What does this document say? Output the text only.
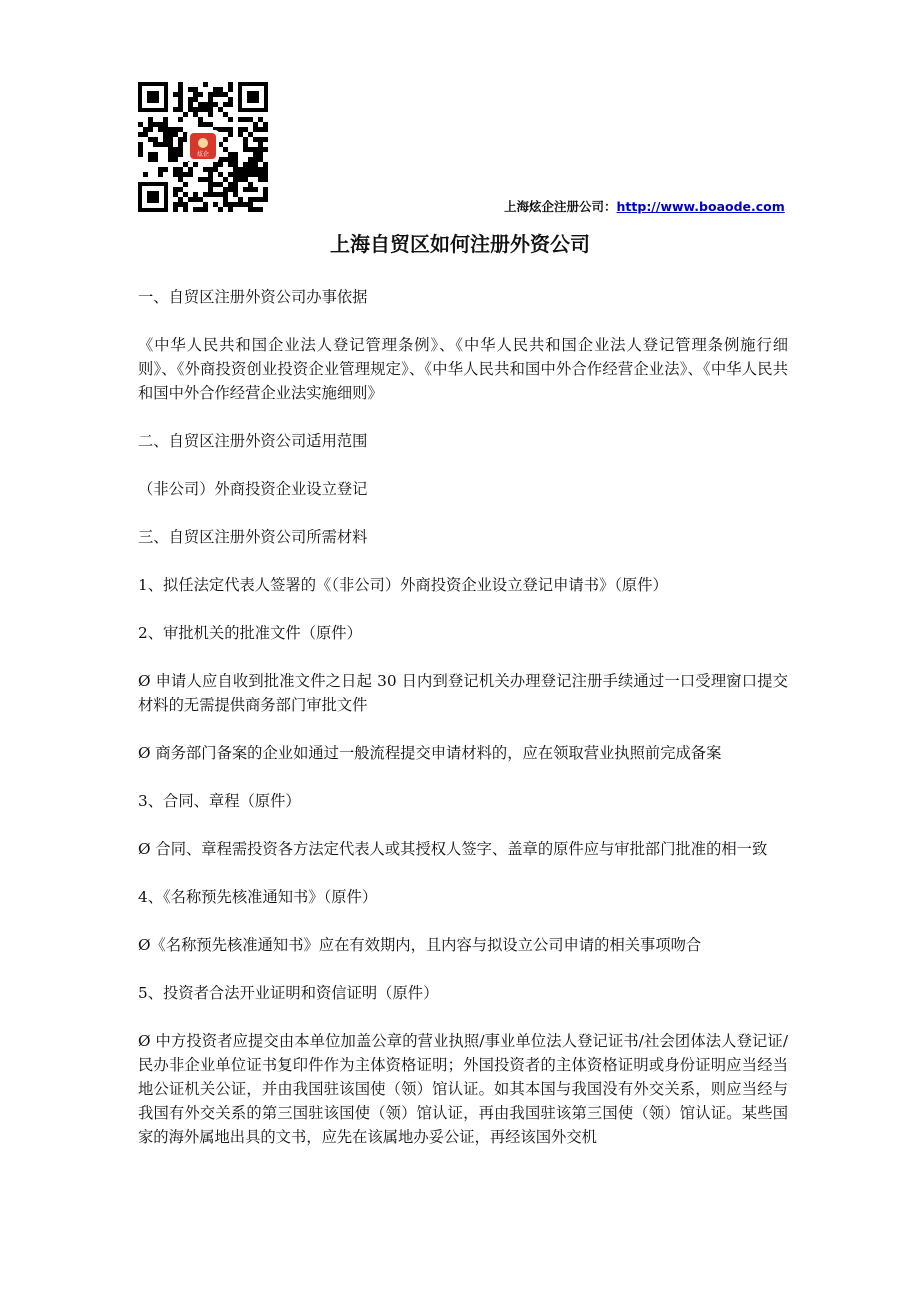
炫企
上海炫企注册公司：http://www.boaode.com
上海自贸区如何注册外资公司

一、自贸区注册外资公司办事依据

《中华人民共和国企业法人登记管理条例》、《中华人民共和国企业法人登记管理条例施行细则》、《外商投资创业投资企业管理规定》、《中华人民共和国中外合作经营企业法》、《中华人民共和国中外合作经营企业法实施细则》

二、自贸区注册外资公司适用范围

（非公司）外商投资企业设立登记

三、自贸区注册外资公司所需材料

1、拟任法定代表人签署的《（非公司）外商投资企业设立登记申请书》（原件）

2、审批机关的批准文件（原件）

Ø 申请人应自收到批准文件之日起 30 日内到登记机关办理登记注册手续通过一口受理窗口提交材料的无需提供商务部门审批文件

Ø 商务部门备案的企业如通过一般流程提交申请材料的，应在领取营业执照前完成备案

3、合同、章程（原件）

Ø 合同、章程需投资各方法定代表人或其授权人签字、盖章的原件应与审批部门批准的相一致

4、《名称预先核准通知书》（原件）

Ø《名称预先核准通知书》应在有效期内，且内容与拟设立公司申请的相关事项吻合

5、投资者合法开业证明和资信证明（原件）

Ø 中方投资者应提交由本单位加盖公章的营业执照/事业单位法人登记证书/社会团体法人登记证/民办非企业单位证书复印件作为主体资格证明；外国投资者的主体资格证明或身份证明应当经当地公证机关公证，并由我国驻该国使（领）馆认证。如其本国与我国没有外交关系，则应当经与我国有外交关系的第三国驻该国使（领）馆认证，再由我国驻该第三国使（领）馆认证。某些国家的海外属地出具的文书，应先在该属地办妥公证，再经该国外交机
